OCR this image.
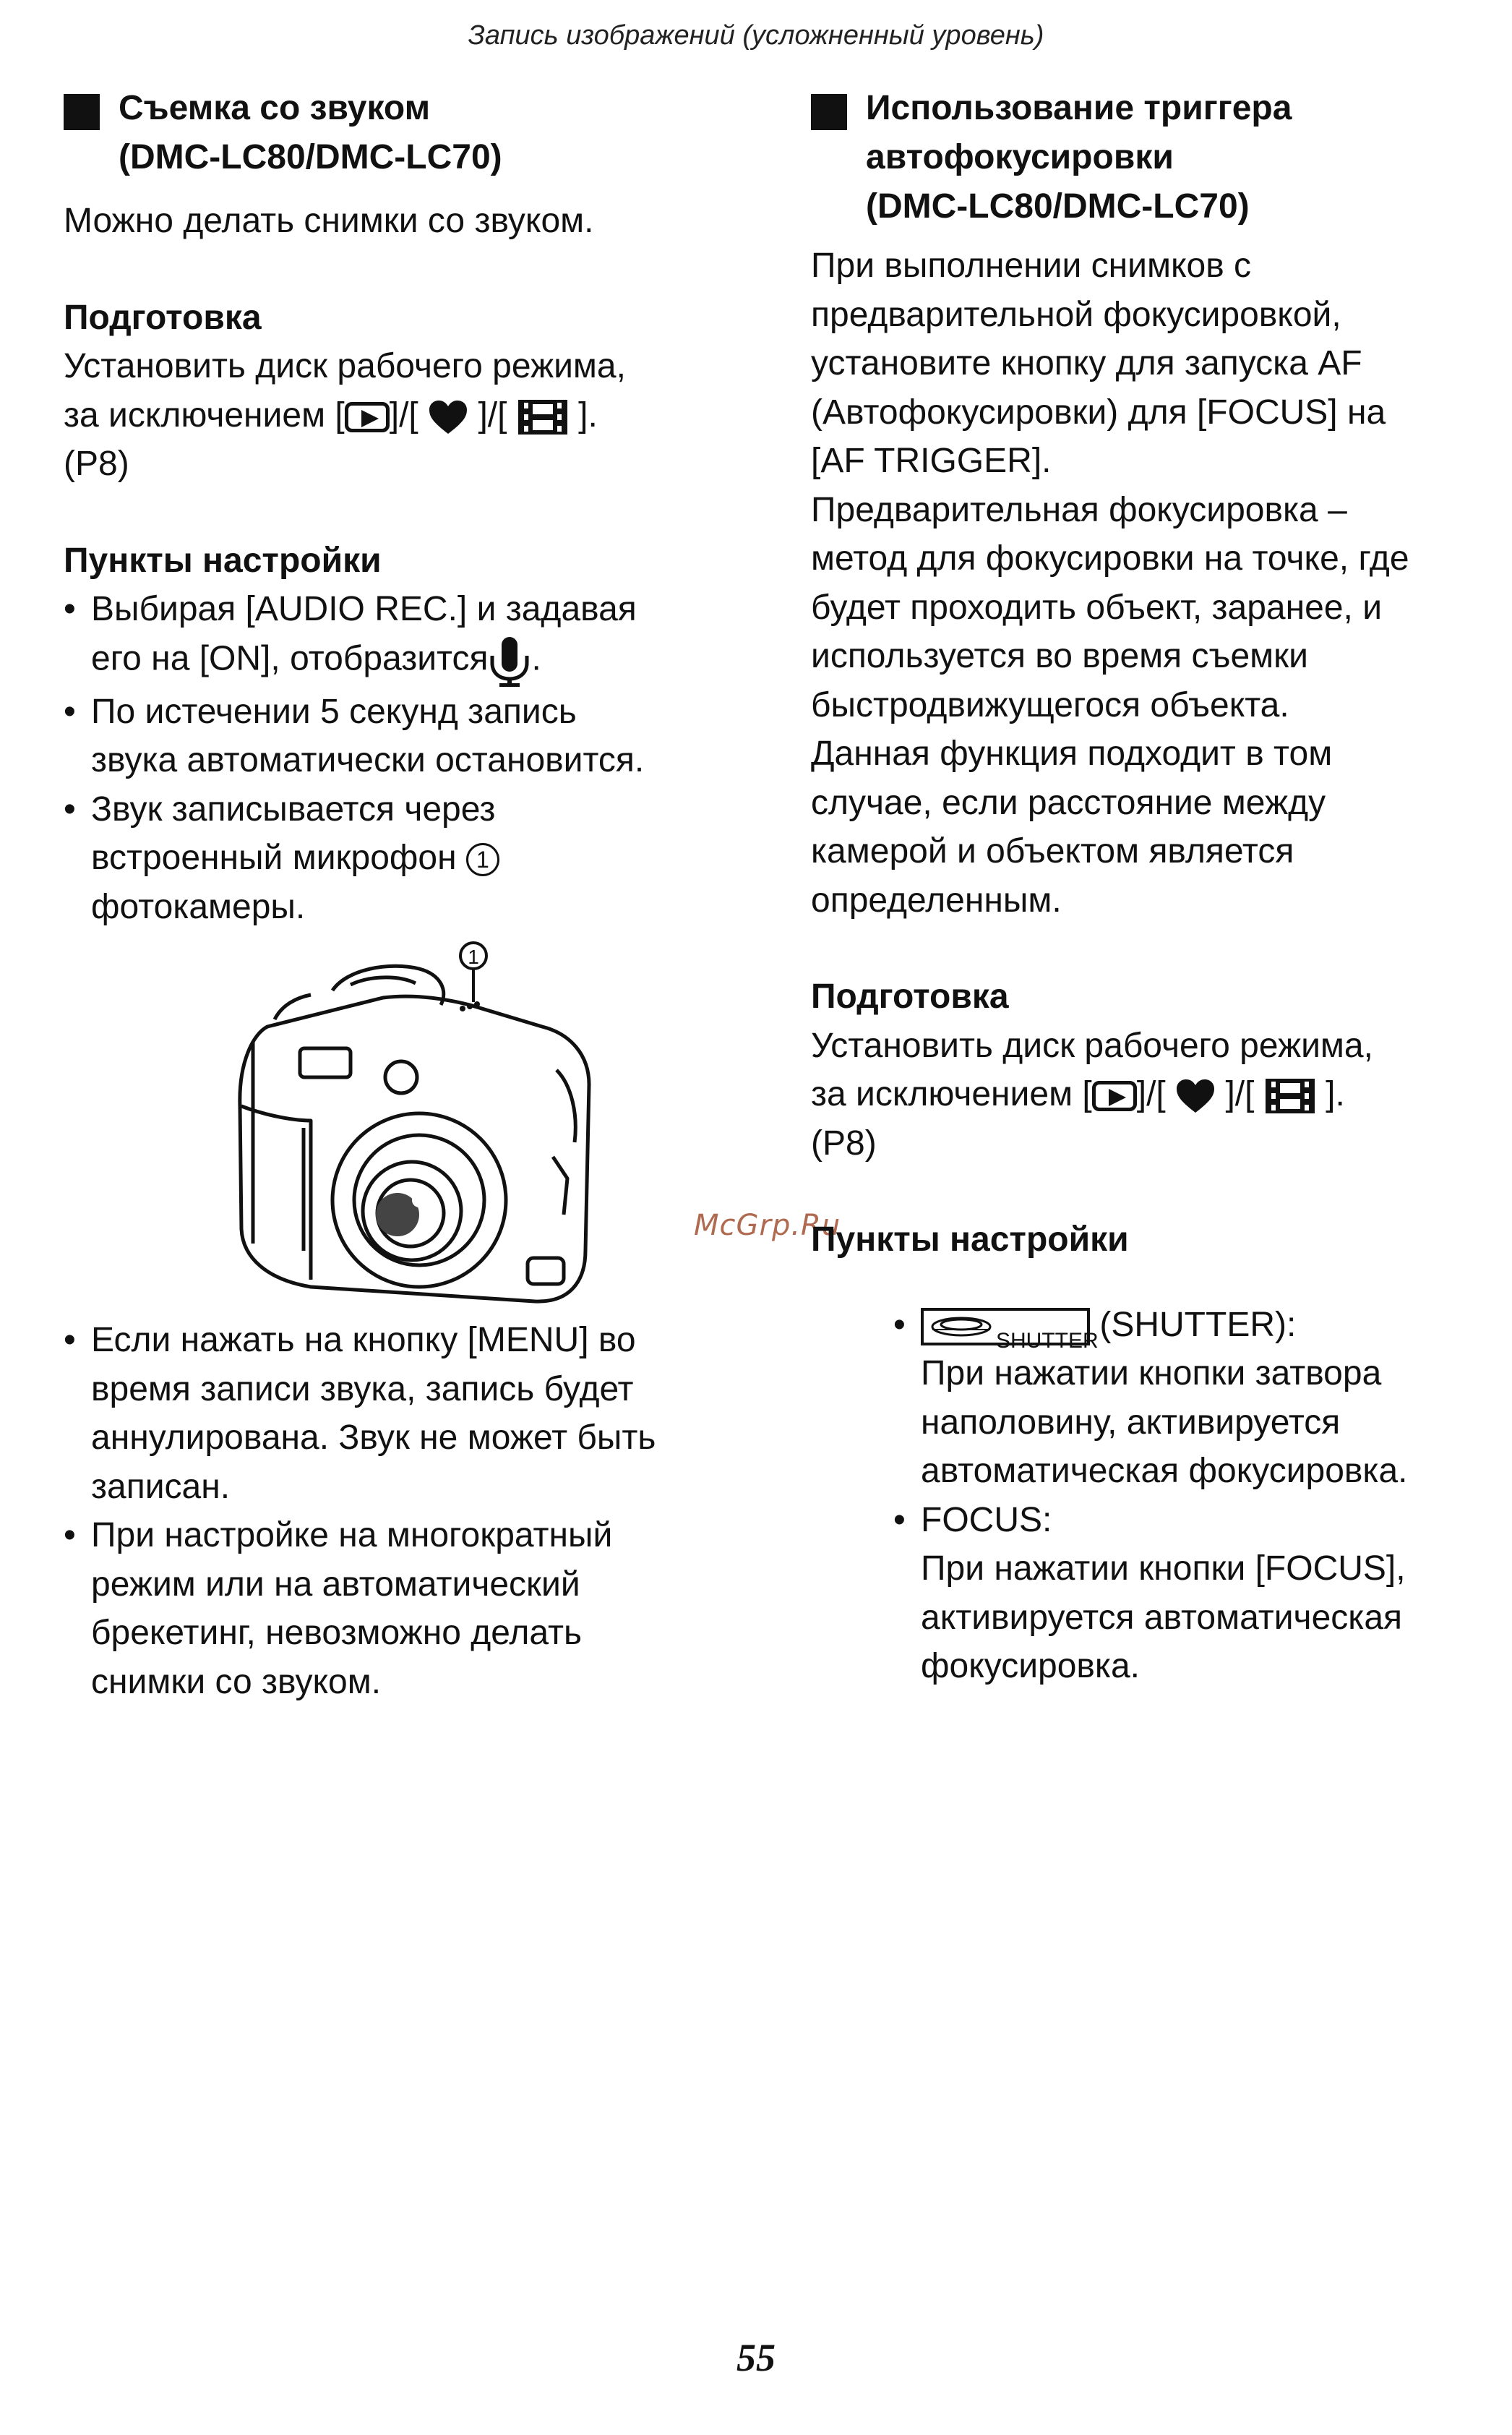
Запись изображений (усложненный уровень)
Съемка со звуком
(DMC-LC80/DMC-LC70)

Можно делать снимки со звуком.

Подготовка

Установить диск рабочего режима,
за исключением [ ]/[ ]/[ ].
(P8)

Пункты настройки

• Выбирая [AUDIO REC.] и задавая
его на [ON], отобразится .
• По истечении 5 секунд запись
звука автоматически остановится.
• Звук записывается через
встроенный микрофон 1
фотокамеры.
1
McGrp.Ru
• Если нажать на кнопку [MENU] во
время записи звука, запись будет
аннулирована. Звук не может быть
записан.
• При настройке на многократный
режим или на автоматический
брекетинг, невозможно делать
снимки со звуком.
Использование триггера
автофокусировки
(DMC-LC80/DMC-LC70)
При выполнении снимков с
предварительной фокусировкой,
установите кнопку для запуска AF
(Автофокусировки) для [FOCUS] на
[AF TRIGGER].
Предварительная фокусировка –
метод для фокусировки на точке, где
будет проходить объект, заранее, и
используется во время съемки
быстродвижущегося объекта.
Данная функция подходит в том
случае, если расстояние между
камерой и объектом является
определенным.

Подготовка

Установить диск рабочего режима,
за исключением [ ]/[ ]/[ ].
(P8)

Пункты настройки

• SHUTTER (SHUTTER):
При нажатии кнопки затвора
наполовину, активируется
автоматическая фокусировка.
• FOCUS:
При нажатии кнопки [FOCUS],
активируется автоматическая
фокусировка.
55
